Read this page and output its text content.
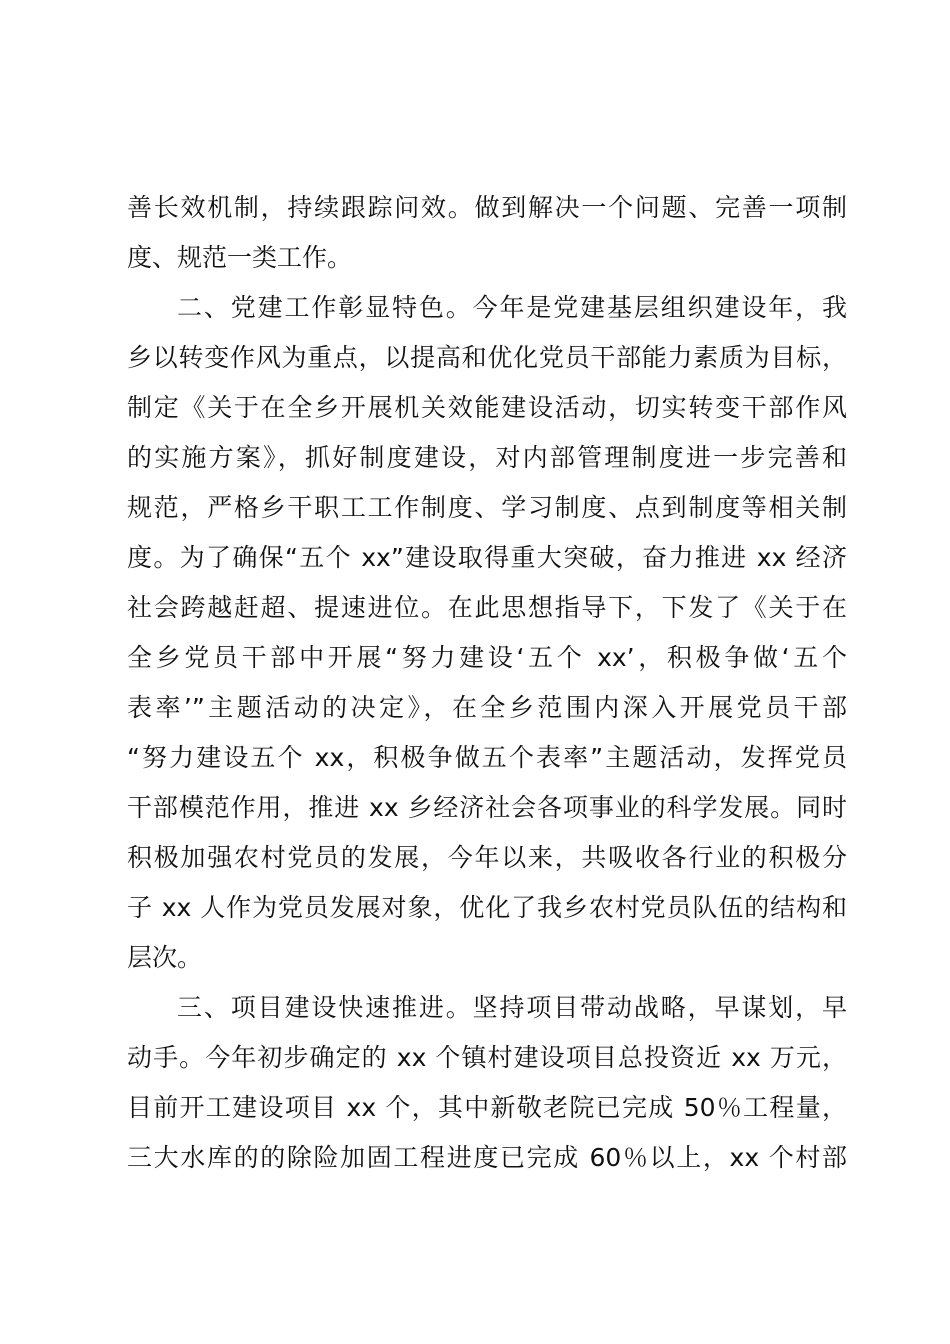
善长效机制，持续跟踪问效。做到解决一个问题、完善一项制
度、规范一类工作。
二、党建工作彰显特色。今年是党建基层组织建设年，我
乡以转变作风为重点，以提高和优化党员干部能力素质为目标，
制定《关于在全乡开展机关效能建设活动，切实转变干部作风
的实施方案》，抓好制度建设，对内部管理制度进一步完善和
规范，严格乡干职工工作制度、学习制度、点到制度等相关制
度。为了确保“五个 xx”建设取得重大突破，奋力推进 xx 经济
社会跨越赶超、提速进位。在此思想指导下，下发了《关于在
全乡党员干部中开展“努力建设‘五个 xx’，积极争做‘五个
表率’”主题活动的决定》，在全乡范围内深入开展党员干部
“努力建设五个 xx，积极争做五个表率”主题活动，发挥党员
干部模范作用，推进 xx 乡经济社会各项事业的科学发展。同时
积极加强农村党员的发展，今年以来，共吸收各行业的积极分
子 xx 人作为党员发展对象，优化了我乡农村党员队伍的结构和
层次。
三、项目建设快速推进。坚持项目带动战略，早谋划，早
动手。今年初步确定的 xx 个镇村建设项目总投资近 xx 万元，
目前开工建设项目 xx 个，其中新敬老院已完成 50％工程量，
三大水库的的除险加固工程进度已完成 60％以上，xx 个村部
